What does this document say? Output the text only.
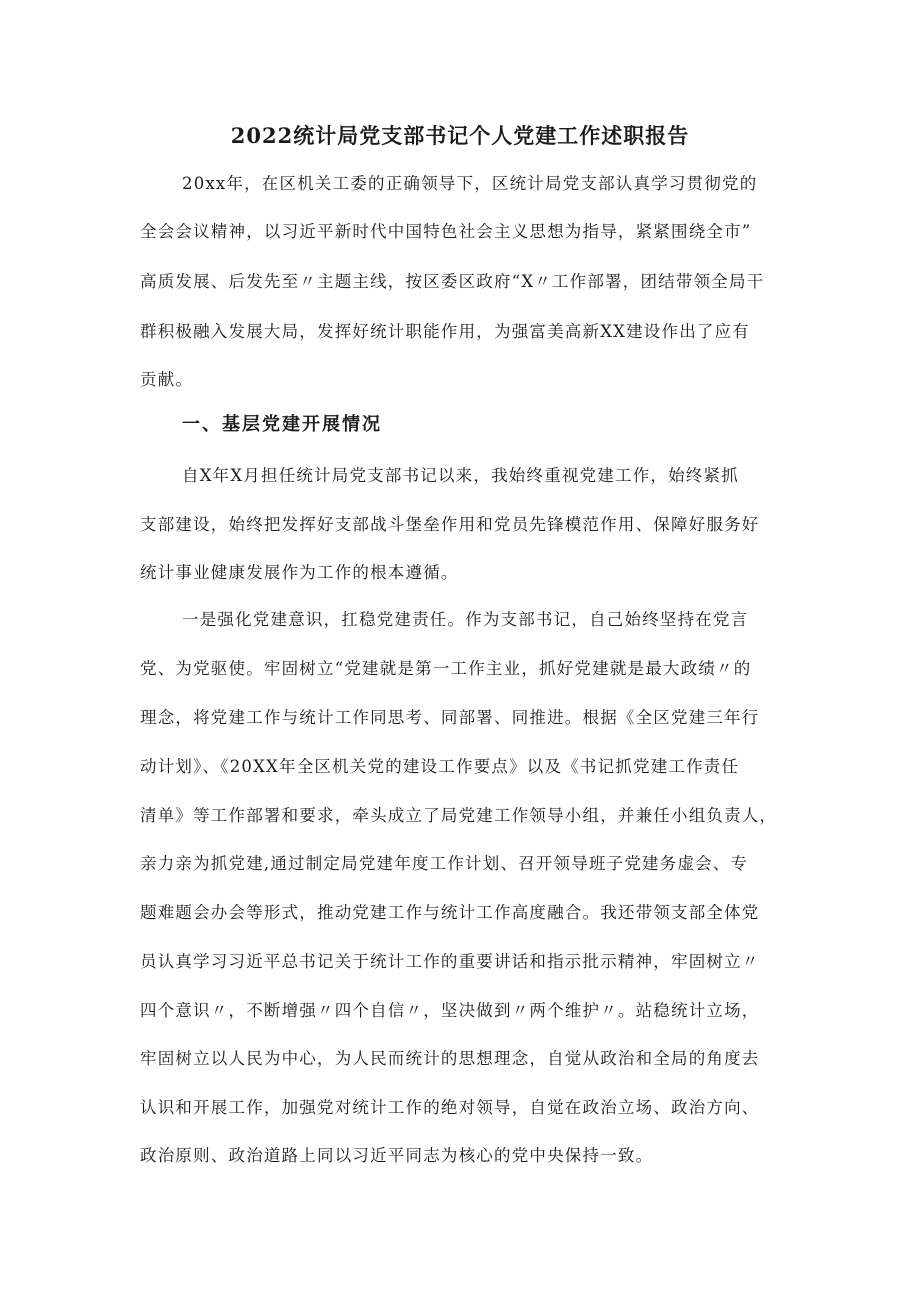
2022统计局党支部书记个人党建工作述职报告

20xx年，在区机关工委的正确领导下，区统计局党支部认真学习贯彻党的

全会会议精神，以习近平新时代中国特色社会主义思想为指导，紧紧围绕全市”

高质发展、后发先至〃主题主线，按区委区政府“X〃工作部署，团结带领全局干

群积极融入发展大局，发挥好统计职能作用，为强富美高新XX建设作出了应有

贡献。

一、基层党建开展情况

自X年X月担任统计局党支部书记以来，我始终重视党建工作，始终紧抓

支部建设，始终把发挥好支部战斗堡垒作用和党员先锋模范作用、保障好服务好

统计事业健康发展作为工作的根本遵循。

一是强化党建意识，扛稳党建责任。作为支部书记，自己始终坚持在党言

党、为党驱使。牢固树立“党建就是第一工作主业，抓好党建就是最大政绩〃的

理念，将党建工作与统计工作同思考、同部署、同推进。根据《全区党建三年行

动计划》、《20XX年全区机关党的建设工作要点》以及《书记抓党建工作责任

清单》等工作部署和要求，牵头成立了局党建工作领导小组，并兼任小组负责人，

亲力亲为抓党建,通过制定局党建年度工作计划、召开领导班子党建务虚会、专

题难题会办会等形式，推动党建工作与统计工作高度融合。我还带领支部全体党

员认真学习习近平总书记关于统计工作的重要讲话和指示批示精神，牢固树立〃

四个意识〃，不断增强〃四个自信〃，坚决做到〃两个维护〃。站稳统计立场，

牢固树立以人民为中心，为人民而统计的思想理念，自觉从政治和全局的角度去

认识和开展工作，加强党对统计工作的绝对领导，自觉在政治立场、政治方向、

政治原则、政治道路上同以习近平同志为核心的党中央保持一致。
